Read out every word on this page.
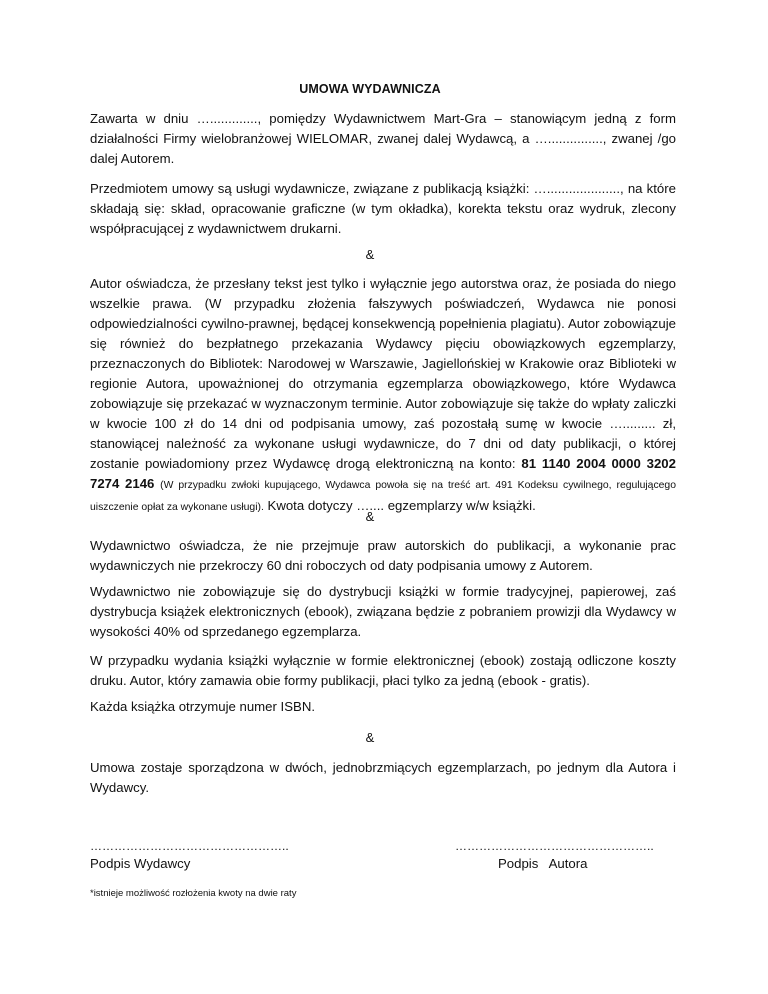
UMOWA WYDAWNICZA

Zawarta w dniu …............., pomiędzy Wydawnictwem Mart-Gra – stanowiącym jedną z form działalności Firmy wielobranżowej WIELOMAR, zwanej dalej Wydawcą, a …..............., zwanej /go dalej Autorem.

Przedmiotem umowy są usługi wydawnicze, związane z publikacją książki: …...................., na które składają się: skład, opracowanie graficzne (w tym okładka), korekta tekstu oraz wydruk, zlecony współpracującej z wydawnictwem drukarni.

&

Autor oświadcza, że przesłany tekst jest tylko i wyłącznie jego autorstwa oraz, że posiada do niego wszelkie prawa. (W przypadku złożenia fałszywych poświadczeń, Wydawca nie ponosi odpowiedzialności cywilno-prawnej, będącej konsekwencją popełnienia plagiatu). Autor zobowiązuje się również do bezpłatnego przekazania Wydawcy pięciu obowiązkowych egzemplarzy, przeznaczonych do Bibliotek: Narodowej w Warszawie, Jagiellońskiej w Krakowie oraz Biblioteki w regionie Autora, upoważnionej do otrzymania egzemplarza obowiązkowego, które Wydawca zobowiązuje się przekazać w wyznaczonym terminie. Autor zobowiązuje się także do wpłaty zaliczki w kwocie 100 zł do 14 dni od podpisania umowy, zaś pozostałą sumę w kwocie …......... zł, stanowiącej należność za wykonane usługi wydawnicze, do 7 dni od daty publikacji, o której zostanie powiadomiony przez Wydawcę drogą elektroniczną na konto: 81 1140 2004 0000 3202 7274 2146 (W przypadku zwłoki kupującego, Wydawca powoła się na treść art. 491 Kodeksu cywilnego, regulującego uiszczenie opłat za wykonane usługi). Kwota dotyczy ….... egzemplarzy w/w książki.

&

Wydawnictwo oświadcza, że nie przejmuje praw autorskich do publikacji, a wykonanie prac wydawniczych nie przekroczy 60 dni roboczych od daty podpisania umowy z Autorem.

Wydawnictwo nie zobowiązuje się do dystrybucji książki w formie tradycyjnej, papierowej, zaś dystrybucja książek elektronicznych (ebook), związana będzie z pobraniem prowizji dla Wydawcy w wysokości 40% od sprzedanego egzemplarza.

W przypadku wydania książki wyłącznie w formie elektronicznej (ebook) zostają odliczone koszty druku. Autor, który zamawia obie formy publikacji, płaci tylko za jedną (ebook - gratis).

Każda książka otrzymuje numer ISBN.

&

Umowa zostaje sporządzona w dwóch, jednobrzmiących egzemplarzach, po jednym dla Autora i Wydawcy.

…………………………………………..
Podpis Wydawcy
…………………………………………..
Podpis   Autora
*istnieje możliwość rozłożenia kwoty na dwie raty
